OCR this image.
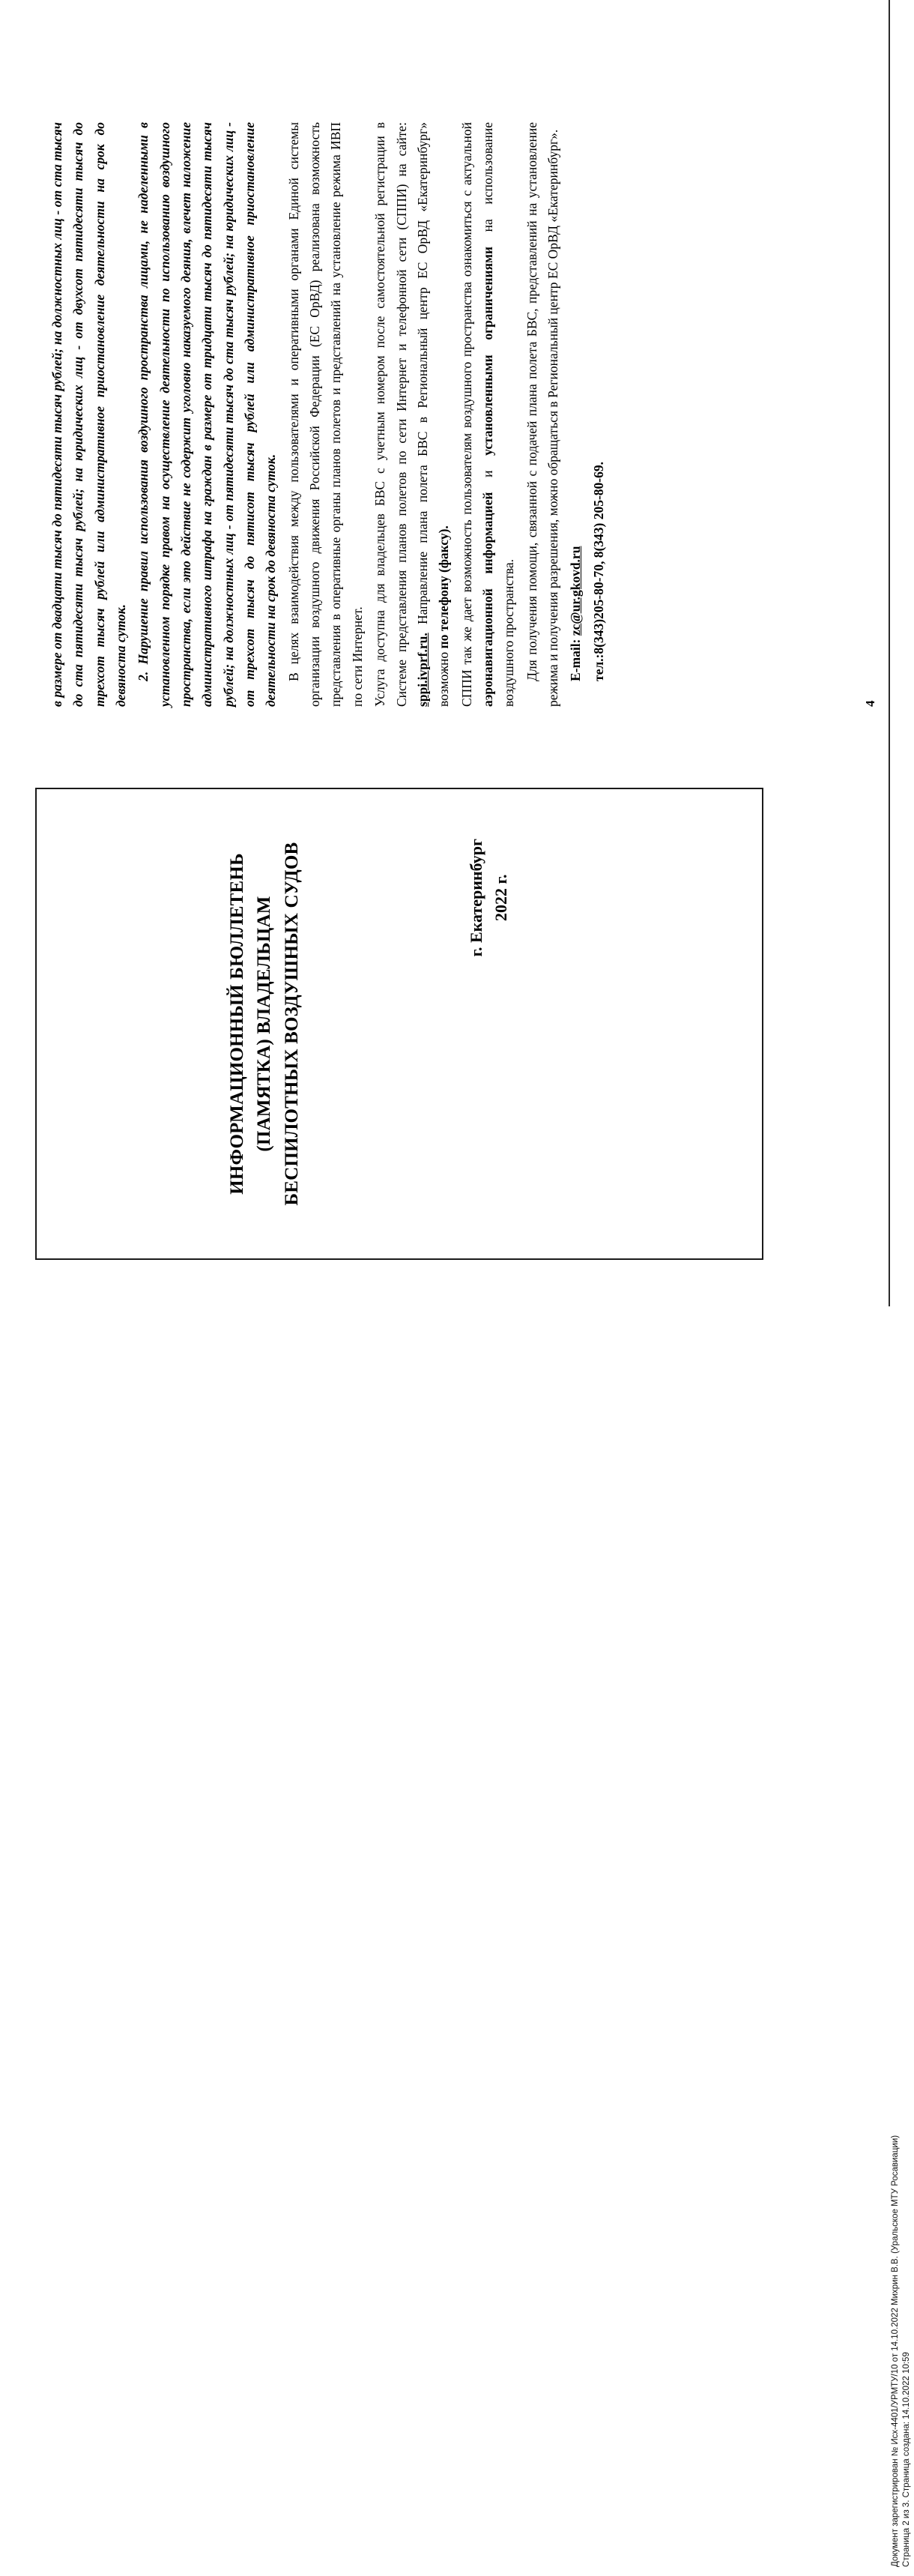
ИНФОРМАЦИОННЫЙ БЮЛЛЕТЕНЬ (ПАМЯТКА) ВЛАДЕЛЬЦАМ БЕСПИЛОТНЫХ ВОЗДУШНЫХ СУДОВ	г. Екатеринбург 2022 г.

в размере от двадцати тысяч до пятидесяти тысяч рублей; на должностных лиц - от ста тысяч до ста пятидесяти тысяч рублей; на юридических лиц - от двухсот пятидесяти тысяч до трехсот тысяч рублей или административное приостановление деятельности на срок до девяноста суток. 2. Нарушение правил использования воздушного пространства лицами, не наделенными в установленном порядке правом на осуществление деятельности по использованию воздушного пространства, если это действие не содержит уголовно наказуемого деяния, влечет наложение административного штрафа на граждан в размере от тридцати тысяч до пятидесяти тысяч рублей; на должностных лиц - от пятидесяти тысяч до ста тысяч рублей; на юридических лиц - от трехсот тысяч до пятисот тысяч рублей или административное приостановление деятельности на срок до девяноста суток. В целях взаимодействия между пользователями и оперативными органами Единой системы организации воздушного движения Российской Федерации (ЕС ОрВД) реализована возможность представления в оперативные органы планов полетов и представлений на установление режима ИВП по сети Интернет. Услуга доступна для владельцев БВС с учетным номером после самостоятельной регистрации в Системе представления планов полетов по сети Интернет и телефонной сети (СППИ) на сайте: sppi.ivprf.ru. Направление плана полета БВС в Региональный центр ЕС ОрВД «Екатеринбург» возможно по телефону (факсу). СППИ так же дает возможность пользователям воздушного пространства ознакомиться с актуальной аэронавигационной информацией и установленными ограничениями на использование воздушного пространства. Для получения помощи, связанной с подачей плана полета БВС, представлений на установление режима и получения разрешения, можно обращаться в Региональный центр ЕС ОрВД «Екатеринбург». E-mail: zc@ur.gkovd.ru

тел.:8(343)205-80-70, 8(343) 205-80-69.

4
Документ зарегистрирован № Исх-4401/УРМТУ/10 от 14.10.2022 Михрин В.В. (Уральское МТУ Росавиации) Страница 2 из 3. Страница создана: 14.10.2022 10:59
